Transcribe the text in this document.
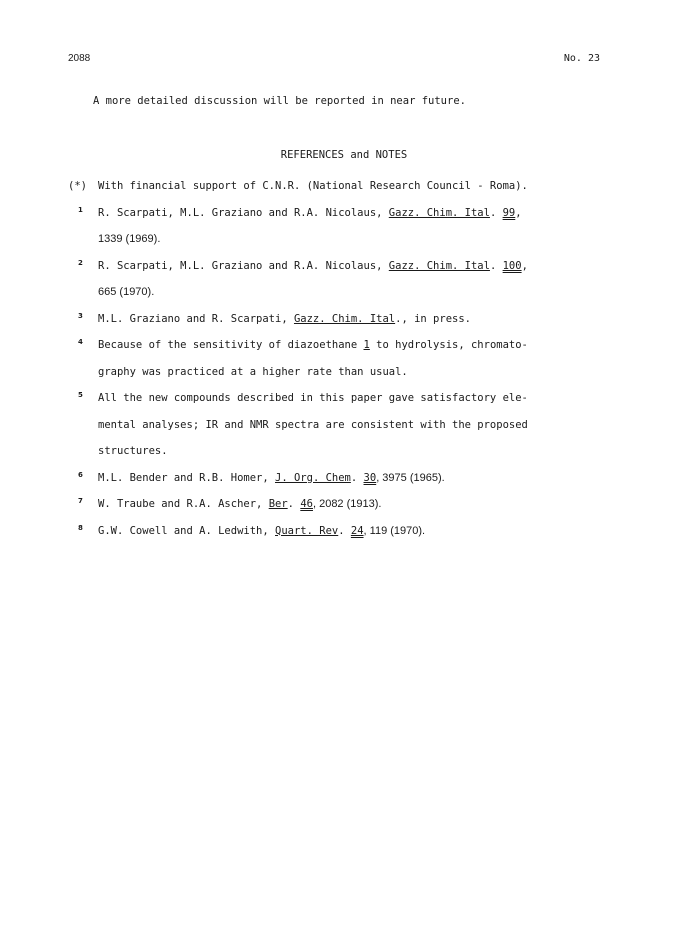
2088	No. 23
A more detailed discussion will be reported in near future.
REFERENCES and NOTES
(*) With financial support of C.N.R. (National Research Council - Roma).
1 R. Scarpati, M.L. Graziano and R.A. Nicolaus, Gazz. Chim. Ital. 99,
1339 (1969).
2 R. Scarpati, M.L. Graziano and R.A. Nicolaus, Gazz. Chim. Ital. 100,
665 (1970).
3 M.L. Graziano and R. Scarpati, Gazz. Chim. Ital., in press.
4 Because of the sensitivity of diazoethane 1 to hydrolysis, chromato-
graphy was practiced at a higher rate than usual.
5 All the new compounds described in this paper gave satisfactory ele-
mental analyses; IR and NMR spectra are consistent with the proposed
structures.
6 M.L. Bender and R.B. Homer, J. Org. Chem. 30, 3975 (1965).
7 W. Traube and R.A. Ascher, Ber. 46, 2082 (1913).
8 G.W. Cowell and A. Ledwith, Quart. Rev. 24, 119 (1970).
